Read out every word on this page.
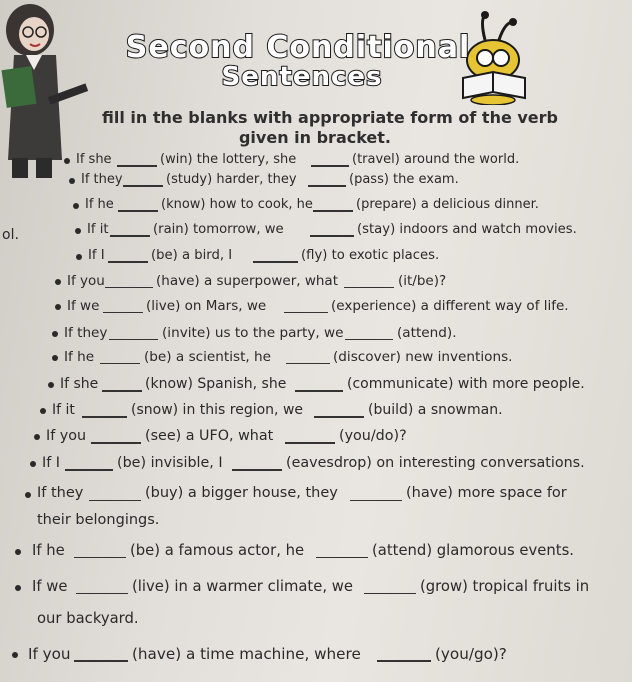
Second Conditional
Sentences
fill in the blanks with appropriate form of the verb
given in bracket.
ol.
If she	(win) the lottery, she	(travel) around the world.
If they	(study) harder, they	(pass) the exam.
If he	(know) how to cook, he	(prepare) a delicious dinner.
If it	(rain) tomorrow, we	(stay) indoors and watch movies.
If I	(be) a bird, I	(fly) to exotic places.
If you	(have) a superpower, what	(it/be)?
If we	(live) on Mars, we	(experience) a different way of life.
If they	(invite) us to the party, we	(attend).
If he	(be) a scientist, he	(discover) new inventions.
If she	(know) Spanish, she	(communicate) with more people.
If it	(snow) in this region, we	(build) a snowman.
If you	(see) a UFO, what	(you/do)?
If I	(be) invisible, I	(eavesdrop) on interesting conversations.
If they	(buy) a bigger house, they	(have) more space for
their belongings.
If he	(be) a famous actor, he	(attend) glamorous events.
If we	(live) in a warmer climate, we	(grow) tropical fruits in
our backyard.
If you	(have) a time machine, where	(you/go)?
